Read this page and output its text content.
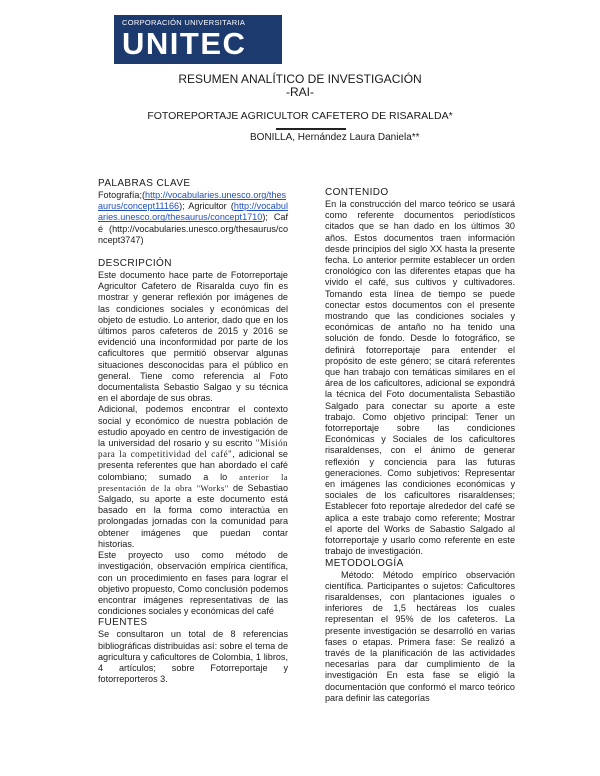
CORPORACIÓN UNIVERSITARIA
UNITEC
RESUMEN ANALÍTICO DE INVESTIGACIÓN
-RAI-
FOTOREPORTAJE AGRICULTOR CAFETERO DE RISARALDA*
BONILLA, Hernández Laura Daniela**

PALABRAS CLAVE

Fotografía;(http://vocabularies.unesco.org/thesaurus/concept11166); Agricultor (http://vocabularies.unesco.org/thesaurus/concept1710); Café (http://vocabularies.unesco.org/thesaurus/concept3747)

DESCRIPCIÓN

Este documento hace parte de Fotorreportaje Agricultor Cafetero de Risaralda cuyo fin es mostrar y generar reflexión por imágenes de las condiciones sociales y económicas del objeto de estudio. Lo anterior, dado que en los últimos paros cafeteros de 2015 y 2016 se evidenció una inconformidad por parte de los caficultores que permitió observar algunas situaciones desconocidas para el público en general. Tiene como referencia al Foto documentalista Sebastio Salgao y su técnica en el abordaje de sus obras.

Adicional, podemos encontrar el contexto social y económico de nuestra población de estudio apoyado en centro de investigación de la universidad del rosario y su escrito "Misión para la competitividad del café", adicional se presenta referentes que han abordado el café colombiano; sumado a lo anterior la presentación de la obra "Works" de Sebastiao Salgado, su aporte a este documento está basado en la forma como interactúa en prolongadas jornadas con la comunidad para obtener imágenes que puedan contar historias.

Este proyecto uso como método de investigación, observación empírica científica, con un procedimiento en fases para lograr el objetivo propuesto, Como conclusión podemos encontrar imágenes representativas de las condiciones sociales y económicas del café

FUENTES

Se consultaron un total de 8 referencias bibliográficas distribuidas así: sobre el tema de agricultura y caficultores de Colombia, 1 libros, 4 artículos; sobre Fotorreportaje y fotorreporteros 3.

CONTENIDO

En la construcción del marco teórico se usará como referente documentos periodísticos citados que se han dado en los últimos 30 años. Estos documentos traen información desde principios del siglo XX hasta la presente fecha. Lo anterior permite establecer un orden cronológico con las diferentes etapas que ha vivido el café, sus cultivos y cultivadores. Tomando esta línea de tiempo se puede conectar estos documentos con el presente mostrando que las condiciones sociales y económicas de antaño no ha tenido una solución de fondo. Desde lo fotográfico, se definirá fotorreportaje para entender el propósito de este género; se citará referentes que han trabajo con temáticas similares en el área de los caficultores, adicional se expondrá la técnica del Foto documentalista Sebastião Salgado para conectar su aporte a este trabajo. Como objetivo principal: Tener un fotorreportaje sobre las condiciones Económicas y Sociales de los caficultores risaraldenses, con el ánimo de generar reflexión y conciencia para las futuras generaciones. Como subjetivos: Representar en imágenes las condiciones económicas y sociales de los caficultores risaraldenses; Establecer foto reportaje alrededor del café se aplica a este trabajo como referente; Mostrar el aporte del Works de Sabastio Salgado al fotorreportaje y usarlo como referente en este trabajo de investigación.

METODOLOGÍA

Método: Método empírico observación científica. Participantes o sujetos: Caficultores risaraldenses, con plantaciones iguales o inferiores de 1,5 hectáreas los cuales representan el 95% de los cafeteros. La presente investigación se desarrolló en varias fases o etapas. Primera fase: Se realizó a través de la planificación de las actividades necesarias para dar cumplimiento de la investigación En esta fase se eligió la documentación que conformó el marco teórico para definir las categorías
